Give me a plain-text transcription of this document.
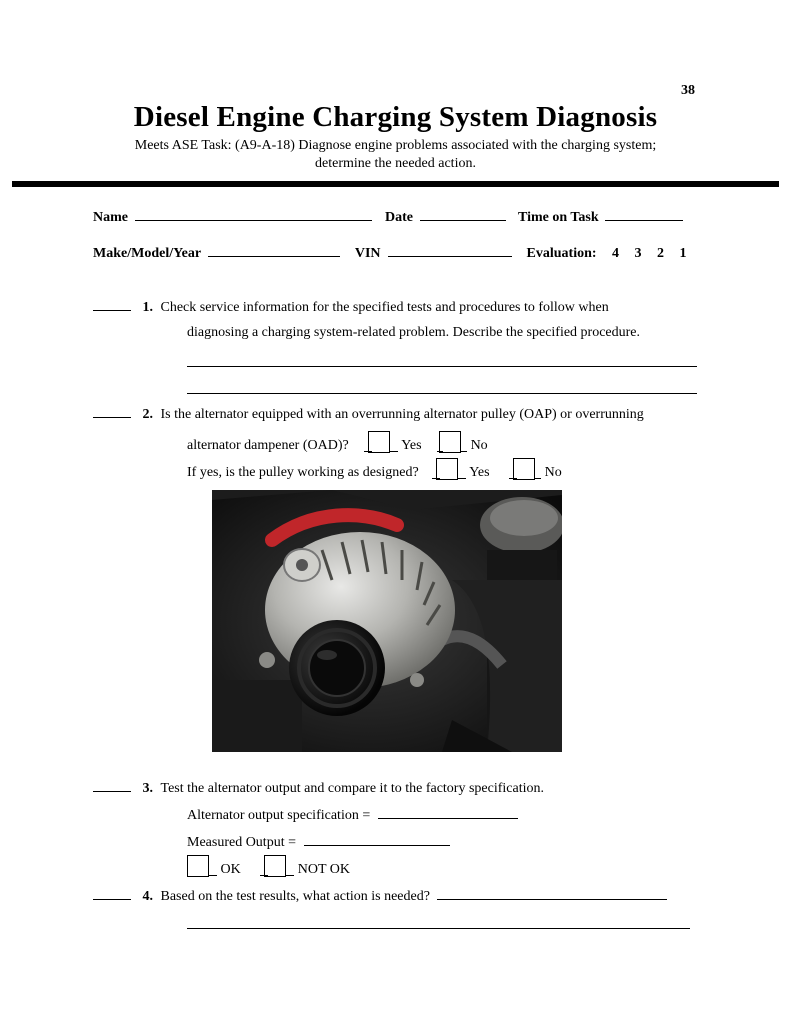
38
Diesel Engine Charging System Diagnosis
Meets ASE Task: (A9-A-18) Diagnose engine problems associated with the charging system;
determine the needed action.
Name	Date	Time on Task
Make/Model/Year	VIN	Evaluation: 4 3 2 1
1. Check service information for the specified tests and procedures to follow when
diagnosing a charging system-related problem. Describe the specified procedure.
2. Is the alternator equipped with an overrunning alternator pulley (OAP) or overrunning
alternator dampener (OAD)?	Yes	No
If yes, is the pulley working as designed?	Yes	No
3. Test the alternator output and compare it to the factory specification.
Alternator output specification =
Measured Output =
OK	NOT OK
4. Based on the test results, what action is needed?
